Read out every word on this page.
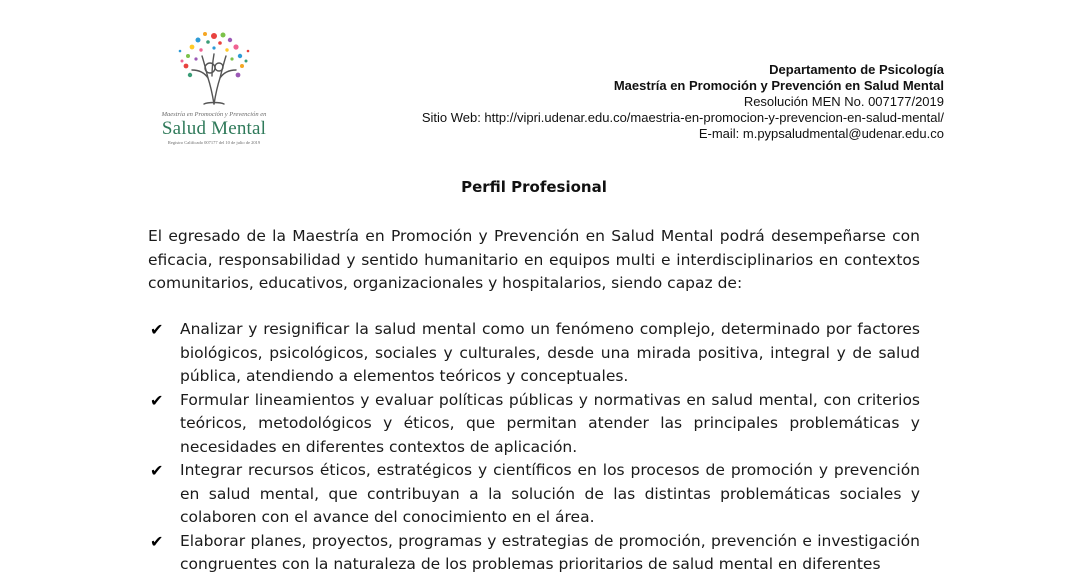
Maestría en Promoción y Prevención en
Salud Mental
Registro Calificado 007177 del 10 de julio de 2019
Departamento de Psicología
Maestría en Promoción y Prevención en Salud Mental
Resolución MEN No. 007177/2019
Sitio Web: http://vipri.udenar.edu.co/maestria-en-promocion-y-prevencion-en-salud-mental/
E-mail: m.pypsaludmental@udenar.edu.co
Perfil Profesional
El egresado de la Maestría en Promoción y Prevención en Salud Mental podrá desempeñarse con eficacia, responsabilidad y sentido humanitario en equipos multi e interdisciplinarios en contextos comunitarios, educativos, organizacionales y hospitalarios, siendo capaz de:
✔ Analizar y resignificar la salud mental como un fenómeno complejo, determinado por factores biológicos, psicológicos, sociales y culturales, desde una mirada positiva, integral y de salud pública, atendiendo a elementos teóricos y conceptuales.
✔ Formular lineamientos y evaluar políticas públicas y normativas en salud mental, con criterios teóricos, metodológicos y éticos, que permitan atender las principales problemáticas y necesidades en diferentes contextos de aplicación.
✔ Integrar recursos éticos, estratégicos y científicos en los procesos de promoción y prevención en salud mental, que contribuyan a la solución de las distintas problemáticas sociales y colaboren con el avance del conocimiento en el área.
✔ Elaborar planes, proyectos, programas y estrategias de promoción, prevención e investigación congruentes con la naturaleza de los problemas prioritarios de salud mental en diferentes
